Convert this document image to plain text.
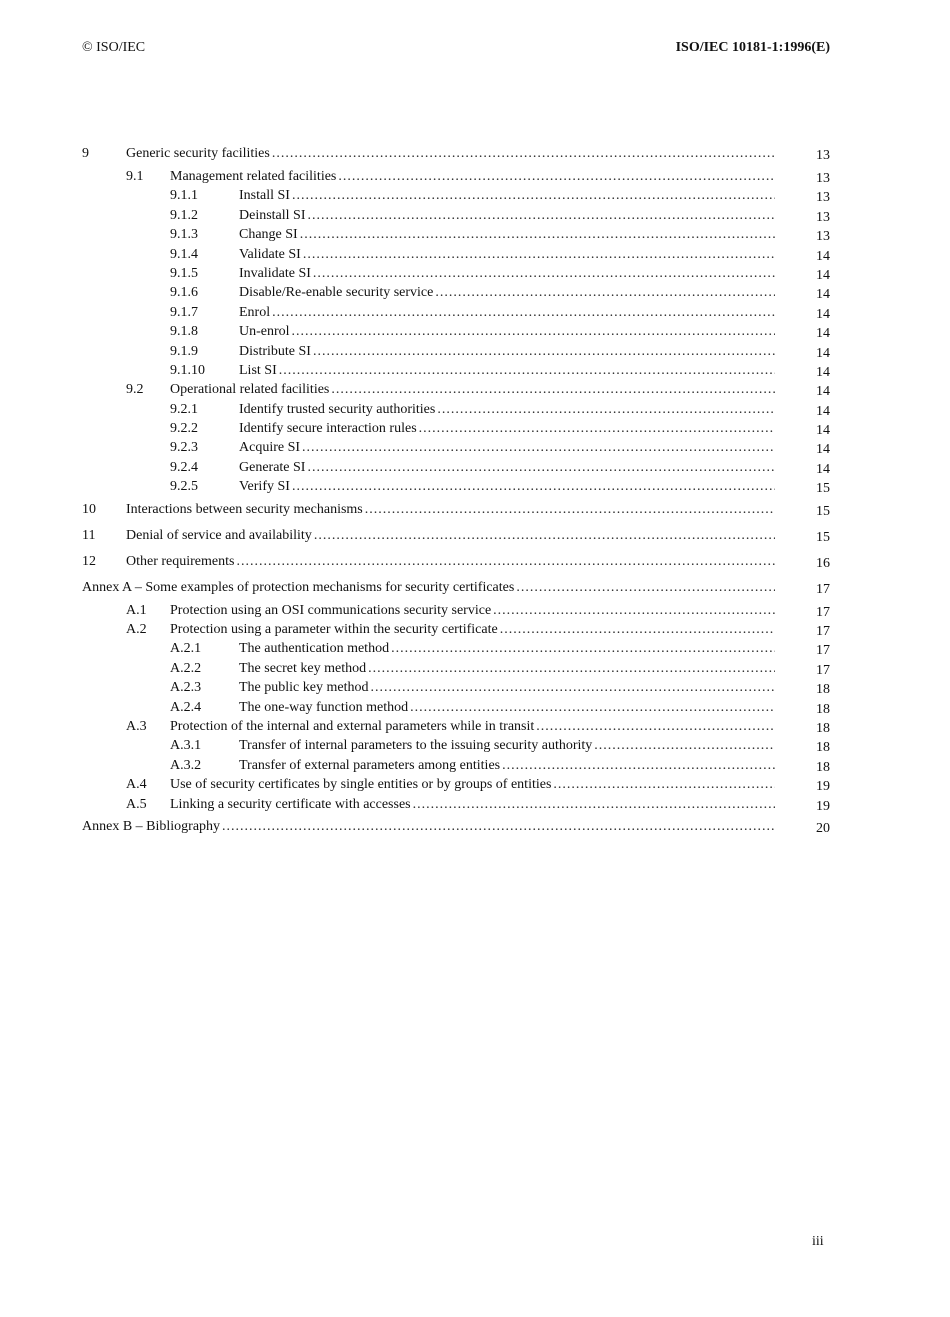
© ISO/IEC	ISO/IEC 10181-1:1996(E)
9	Generic security facilities .....	13
9.1 Management related facilities .....	13
9.1.1	Install SI .....	13
9.1.2	Deinstall SI .....	13
9.1.3	Change SI .....	13
9.1.4	Validate SI .....	14
9.1.5	Invalidate SI .....	14
9.1.6	Disable/Re-enable security service .....	14
9.1.7	Enrol .....	14
9.1.8	Un-enrol .....	14
9.1.9	Distribute SI .....	14
9.1.10 List SI .....	14
9.2 Operational related facilities .....	14
9.2.1	Identify trusted security authorities .....	14
9.2.2	Identify secure interaction rules .....	14
9.2.3	Acquire SI .....	14
9.2.4	Generate SI .....	14
9.2.5	Verify SI .....	15
10 Interactions between security mechanisms .....	15
11 Denial of service and availability .....	15
12 Other requirements .....	16
Annex A – Some examples of protection mechanisms for security certificates .....	17
A.1 Protection using an OSI communications security service .....	17
A.2 Protection using a parameter within the security certificate .....	17
A.2.1	The authentication method .....	17
A.2.2	The secret key method .....	17
A.2.3	The public key method .....	18
A.2.4	The one-way function method .....	18
A.3 Protection of the internal and external parameters while in transit .....	18
A.3.1	Transfer of internal parameters to the issuing security authority .....	18
A.3.2	Transfer of external parameters among entities .....	18
A.4 Use of security certificates by single entities or by groups of entities .....	19
A.5 Linking a security certificate with accesses .....	19
Annex B – Bibliography .....	20
iii
